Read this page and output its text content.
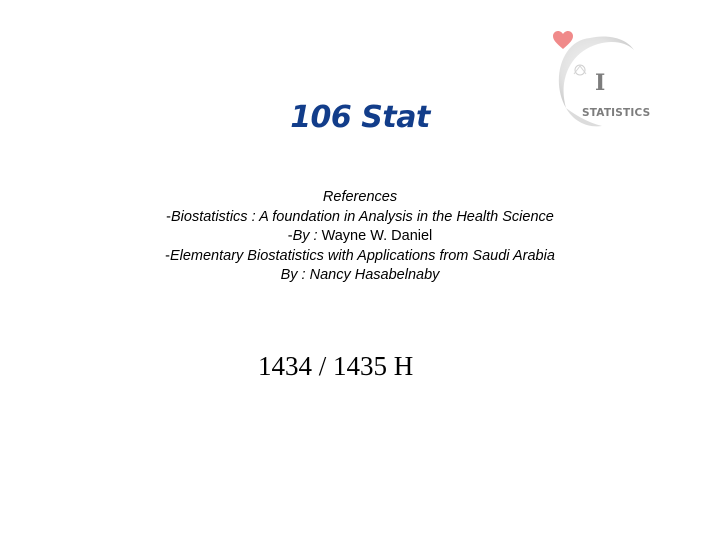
I
STATISTICS
106 Stat
References
-Biostatistics : A foundation in Analysis in the Health Science
-By : Wayne W. Daniel
-Elementary Biostatistics with Applications from Saudi Arabia
By : Nancy Hasabelnaby
1434 / 1435 H
